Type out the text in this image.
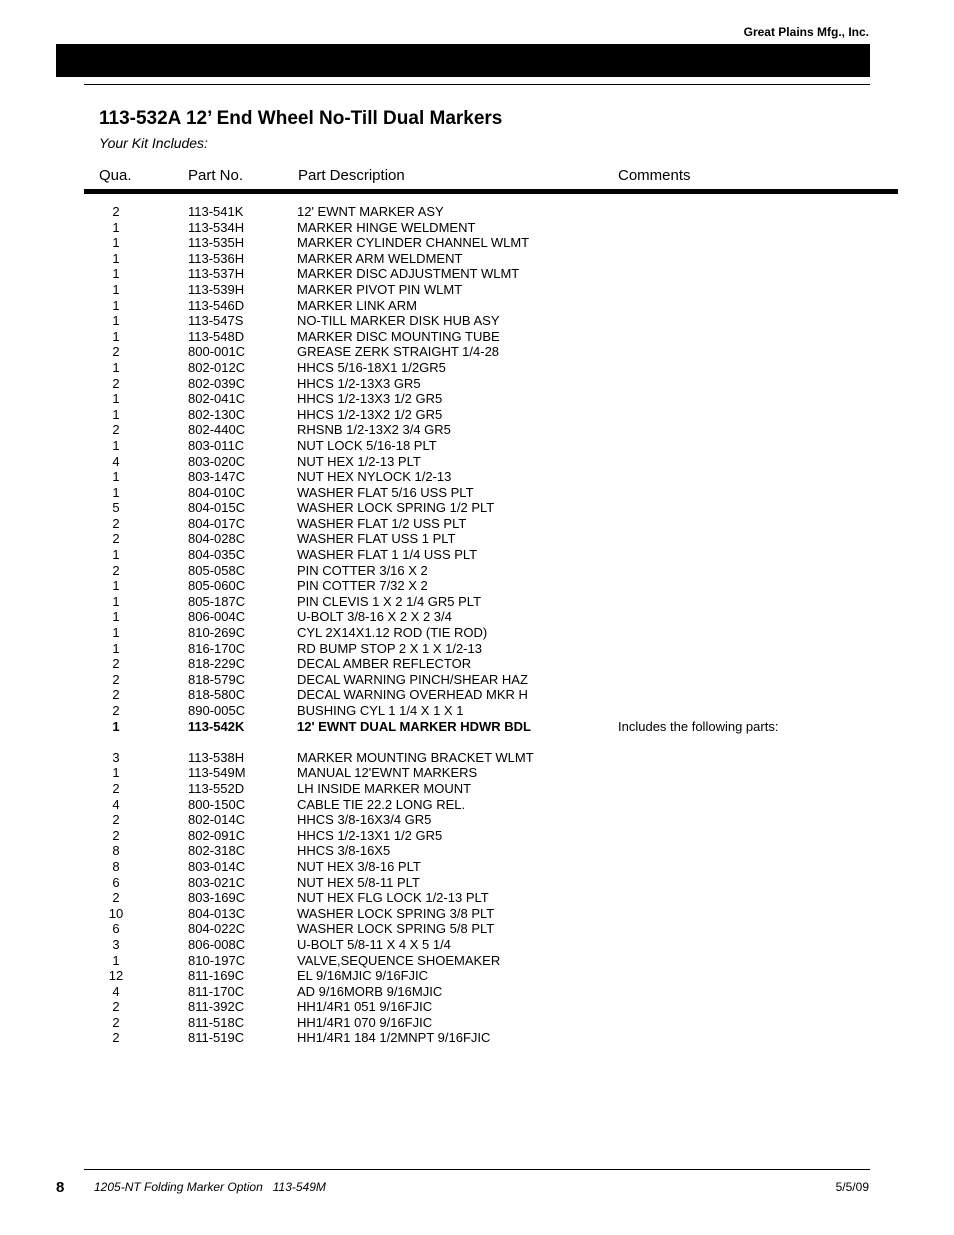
Great Plains Mfg., Inc.
113-532A 12’ End Wheel No-Till Dual Markers
Your Kit Includes:
Qua.	Part No.	Part Description	Comments
2	113-541K	12' EWNT MARKER ASY
1	113-534H	MARKER HINGE WELDMENT
1	113-535H	MARKER CYLINDER CHANNEL WLMT
1	113-536H	MARKER ARM WELDMENT
1	113-537H	MARKER DISC ADJUSTMENT WLMT
1	113-539H	MARKER PIVOT PIN WLMT
1	113-546D	MARKER LINK ARM
1	113-547S	NO-TILL MARKER DISK HUB ASY
1	113-548D	MARKER DISC MOUNTING TUBE
2	800-001C	GREASE ZERK STRAIGHT 1/4-28
1	802-012C	HHCS 5/16-18X1 1/2GR5
2	802-039C	HHCS 1/2-13X3 GR5
1	802-041C	HHCS 1/2-13X3 1/2 GR5
1	802-130C	HHCS 1/2-13X2 1/2 GR5
2	802-440C	RHSNB 1/2-13X2 3/4 GR5
1	803-011C	NUT LOCK 5/16-18 PLT
4	803-020C	NUT HEX 1/2-13 PLT
1	803-147C	NUT HEX NYLOCK 1/2-13
1	804-010C	WASHER FLAT 5/16 USS PLT
5	804-015C	WASHER LOCK SPRING 1/2 PLT
2	804-017C	WASHER FLAT 1/2 USS PLT
2	804-028C	WASHER FLAT USS 1 PLT
1	804-035C	WASHER FLAT 1 1/4 USS PLT
2	805-058C	PIN COTTER 3/16 X 2
1	805-060C	PIN COTTER 7/32 X 2
1	805-187C	PIN CLEVIS 1 X 2 1/4 GR5 PLT
1	806-004C	U-BOLT 3/8-16 X 2 X 2 3/4
1	810-269C	CYL 2X14X1.12 ROD (TIE ROD)
1	816-170C	RD BUMP STOP 2 X 1 X 1/2-13
2	818-229C	DECAL AMBER REFLECTOR
2	818-579C	DECAL WARNING PINCH/SHEAR HAZ
2	818-580C	DECAL WARNING OVERHEAD MKR H
2	890-005C	BUSHING CYL 1 1/4 X 1 X 1
1	113-542K	12' EWNT DUAL MARKER HDWR BDL	Includes the following parts:
3	113-538H	MARKER MOUNTING BRACKET WLMT
1	113-549M	MANUAL 12'EWNT MARKERS
2	113-552D	LH INSIDE MARKER MOUNT
4	800-150C	CABLE TIE 22.2 LONG REL.
2	802-014C	HHCS 3/8-16X3/4 GR5
2	802-091C	HHCS 1/2-13X1 1/2 GR5
8	802-318C	HHCS 3/8-16X5
8	803-014C	NUT HEX 3/8-16 PLT
6	803-021C	NUT HEX 5/8-11 PLT
2	803-169C	NUT HEX FLG LOCK 1/2-13 PLT
10	804-013C	WASHER LOCK SPRING 3/8 PLT
6	804-022C	WASHER LOCK SPRING 5/8 PLT
3	806-008C	U-BOLT 5/8-11 X 4 X 5 1/4
1	810-197C	VALVE,SEQUENCE SHOEMAKER
12	811-169C	EL 9/16MJIC 9/16FJIC
4	811-170C	AD 9/16MORB 9/16MJIC
2	811-392C	HH1/4R1 051 9/16FJIC
2	811-518C	HH1/4R1 070 9/16FJIC
2	811-519C	HH1/4R1 184 1/2MNPT 9/16FJIC
8 1205-NT Folding Marker Option   113-549M	5/5/09
